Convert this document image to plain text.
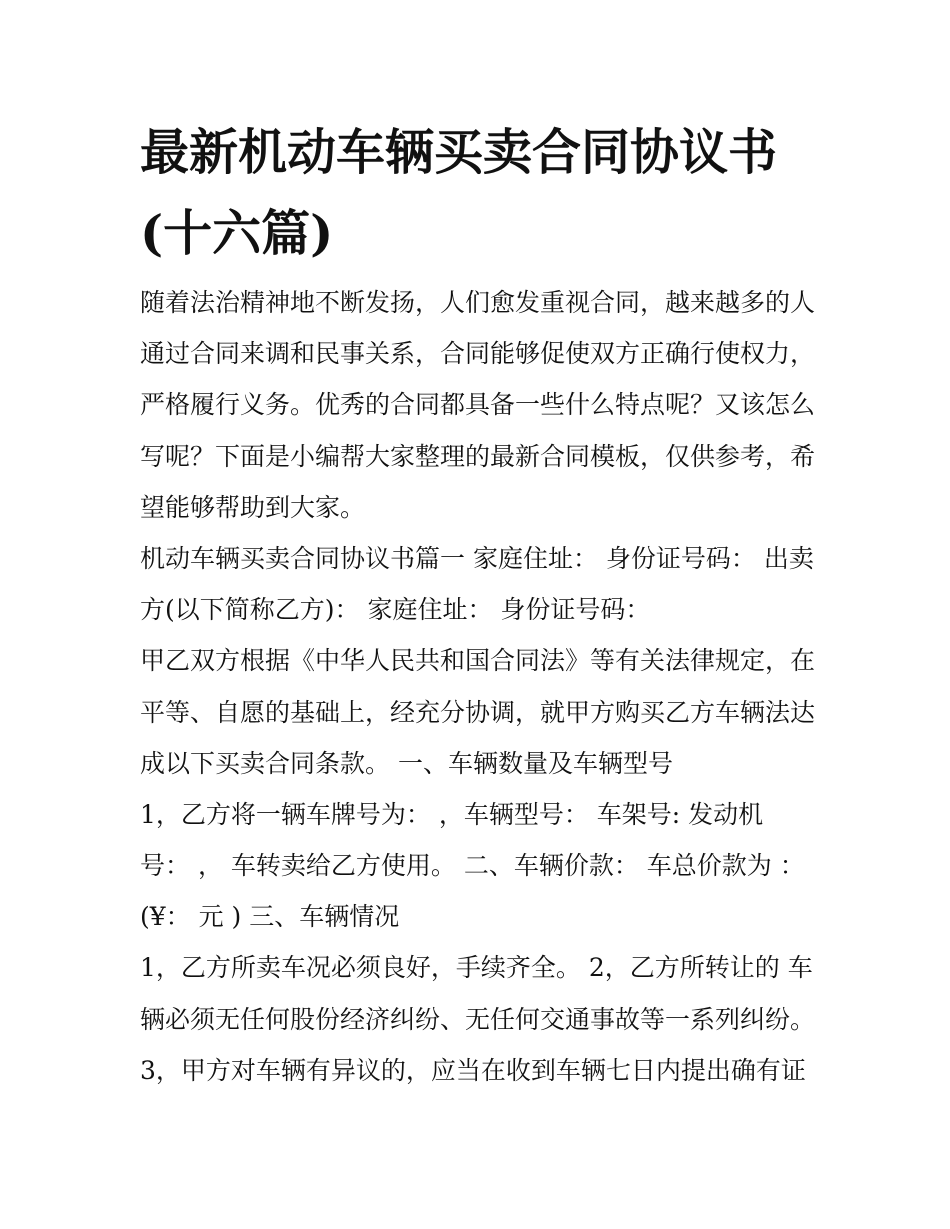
最新机动车辆买卖合同协议书
(十六篇)
随着法治精神地不断发扬，人们愈发重视合同，越来越多的人
通过合同来调和民事关系，合同能够促使双方正确行使权力，
严格履行义务。优秀的合同都具备一些什么特点呢？又该怎么
写呢？下面是小编帮大家整理的最新合同模板，仅供参考，希
望能够帮助到大家。
机动车辆买卖合同协议书篇一 家庭住址： 身份证号码： 出卖
方(以下简称乙方)： 家庭住址： 身份证号码：
甲乙双方根据《中华人民共和国合同法》等有关法律规定，在
平等、自愿的基础上，经充分协调，就甲方购买乙方车辆法达
成以下买卖合同条款。 一、车辆数量及车辆型号
1，乙方将一辆车牌号为： ，车辆型号： 车架号: 发动机
号： ， 车转卖给乙方使用。 二、车辆价款： 车总价款为 ：
(¥： 元 ) 三、车辆情况
1，乙方所卖车况必须良好，手续齐全。 2，乙方所转让的 车
辆必须无任何股份经济纠纷、无任何交通事故等一系列纠纷。
3，甲方对车辆有异议的，应当在收到车辆七日内提出确有证
